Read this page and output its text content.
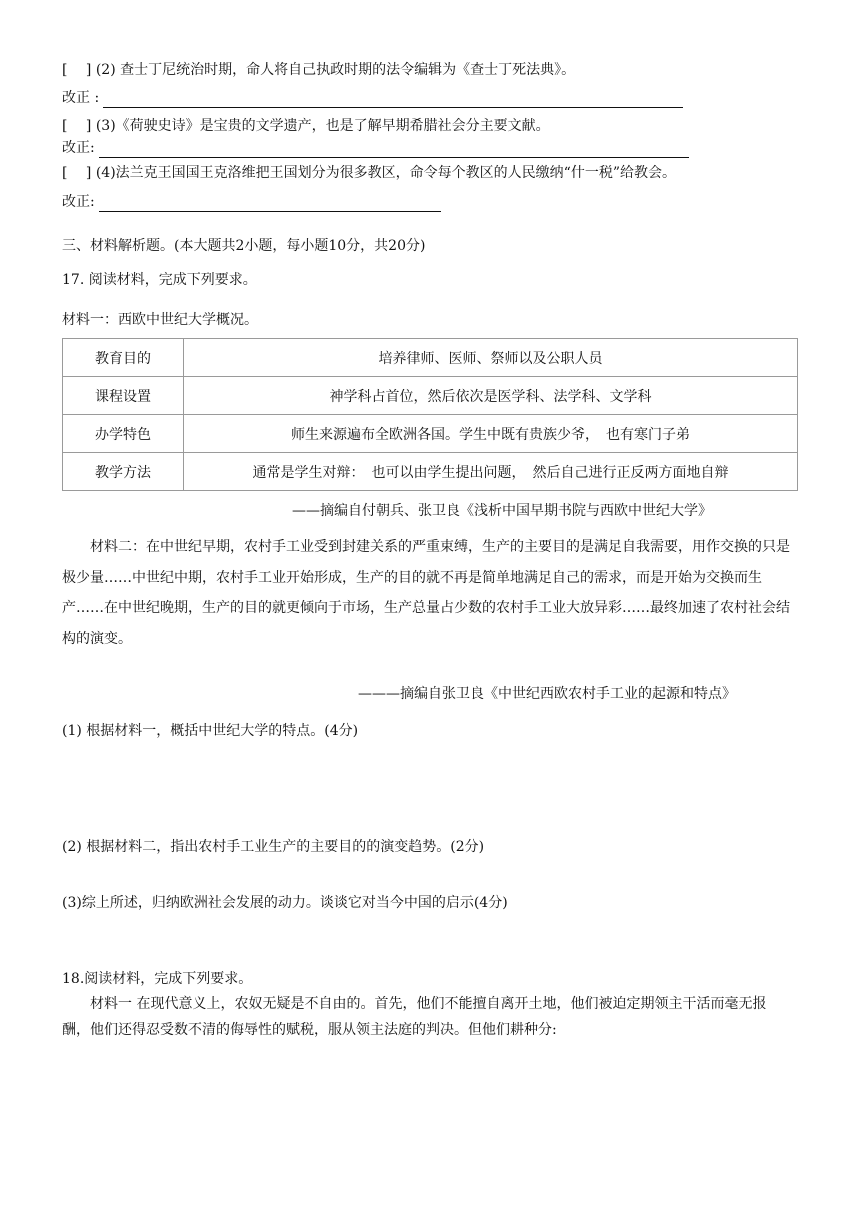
[　 ] (2) 查士丁尼统治时期，命人将自己执政时期的法令编辑为《查士丁死法典》。
改正 :
[　 ] (3)《荷驶史诗》是宝贵的文学遗产，也是了解早期希腊社会分主要文献。
改正:
[　 ] (4)法兰克王国国王克洛维把王国划分为很多教区，命令每个教区的人民缴纳“什一税”给教会。
改正:
三、材料解析题。(本大题共2小题，每小题10分，共20分)
17. 阅读材料，完成下列要求。
材料一：西欧中世纪大学概况。
教育目的	培养律师、医师、祭师以及公职人员
课程设置	神学科占首位，然后依次是医学科、法学科、文学科
办学特色	师生来源遍布全欧洲各国。学生中既有贵族少爷，　也有寒门子弟
教学方法	通常是学生对辩：　也可以由学生提出问题，　然后自己进行正反两方面地自辩
——摘编自付朝兵、张卫良《浅析中国早期书院与西欧中世纪大学》
材料二：在中世纪早期，农村手工业受到封建关系的严重束缚，生产的主要目的是满足自我需要，用作交换的只是极少量……中世纪中期，农村手工业开始形成，生产的目的就不再是简单地满足自己的需求，而是开始为交换而生产……在中世纪晚期，生产的目的就更倾向于市场，生产总量占少数的农村手工业大放异彩……最终加速了农村社会结构的演变。
———摘编自张卫良《中世纪西欧农村手工业的起源和特点》
(1) 根据材料一，概括中世纪大学的特点。(4分)
(2) 根据材料二，指出农村手工业生产的主要目的的演变趋势。(2分)
(3)综上所述，归纳欧洲社会发展的动力。谈谈它对当今中国的启示(4分)
18.阅读材料，完成下列要求。
材料一 在现代意义上，农奴无疑是不自由的。首先，他们不能擅自离开土地，他们被迫定期领主干活而毫无报酬，他们还得忍受数不清的侮辱性的赋税，服从领主法庭的判决。但他们耕种分:
